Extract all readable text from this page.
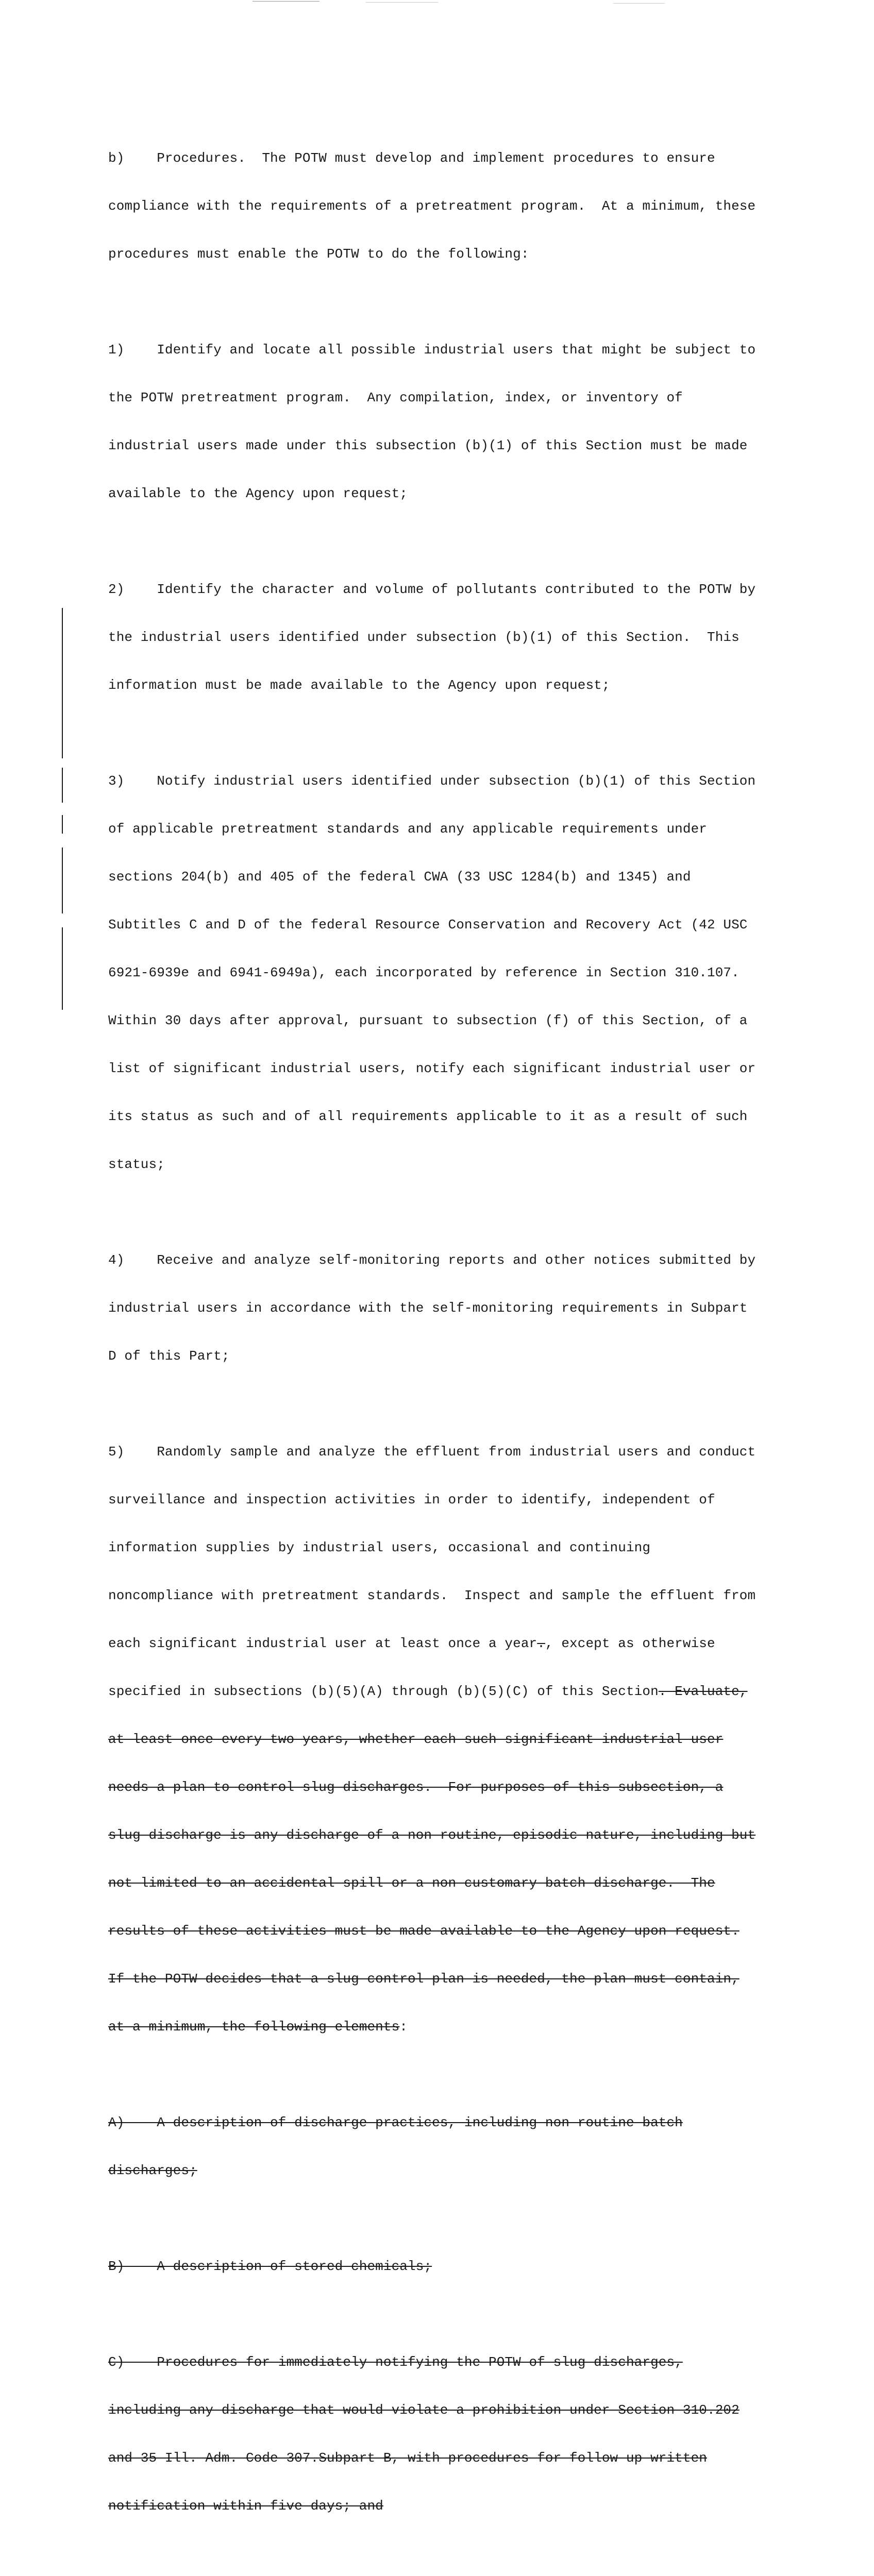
b)    Procedures.  The POTW must develop and implement procedures to ensure

compliance with the requirements of a pretreatment program.  At a minimum, these

procedures must enable the POTW to do the following:

1)    Identify and locate all possible industrial users that might be subject to

the POTW pretreatment program.  Any compilation, index, or inventory of

industrial users made under this subsection (b)(1) of this Section must be made

available to the Agency upon request;

2)    Identify the character and volume of pollutants contributed to the POTW by

the industrial users identified under subsection (b)(1) of this Section.  This

information must be made available to the Agency upon request;

3)    Notify industrial users identified under subsection (b)(1) of this Section

of applicable pretreatment standards and any applicable requirements under

sections 204(b) and 405 of the federal CWA (33 USC 1284(b) and 1345) and

Subtitles C and D of the federal Resource Conservation and Recovery Act (42 USC

6921-6939e and 6941-6949a), each incorporated by reference in Section 310.107.

Within 30 days after approval, pursuant to subsection (f) of this Section, of a

list of significant industrial users, notify each significant industrial user or

its status as such and of all requirements applicable to it as a result of such

status;

4)    Receive and analyze self-monitoring reports and other notices submitted by

industrial users in accordance with the self-monitoring requirements in Subpart

D of this Part;

5)    Randomly sample and analyze the effluent from industrial users and conduct

surveillance and inspection activities in order to identify, independent of

information supplies by industrial users, occasional and continuing

noncompliance with pretreatment standards.  Inspect and sample the effluent from

each significant industrial user at least once a year., except as otherwise

specified in subsections (b)(5)(A) through (b)(5)(C) of this Section. Evaluate,

at least once every two years, whether each such significant industrial user

needs a plan to control slug discharges.  For purposes of this subsection, a

slug discharge is any discharge of a non routine, episodic nature, including but

not limited to an accidental spill or a non-customary batch discharge.  The

results of these activities must be made available to the Agency upon request.

If the POTW decides that a slug control plan is needed, the plan must contain,

at a minimum, the following elements:

A)    A description of discharge practices, including non routine batch

discharges;

B)    A description of stored chemicals;

C)    Procedures for immediately notifying the POTW of slug discharges,

including any discharge that would violate a prohibition under Section 310.202

and 35 Ill. Adm. Code 307.Subpart B, with procedures for follow-up written

notification within five days; and
